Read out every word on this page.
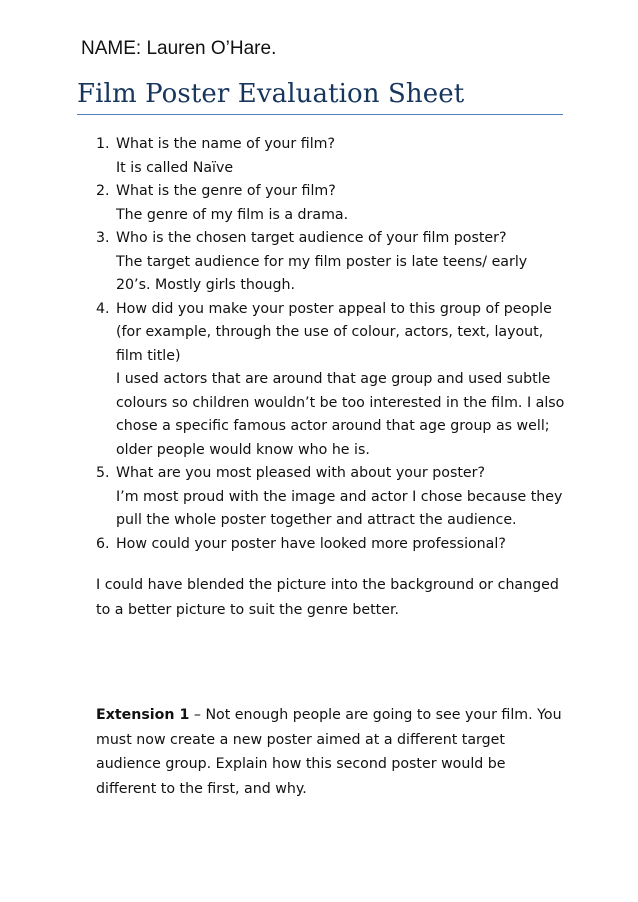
NAME: Lauren O’Hare.
Film Poster Evaluation Sheet
1. What is the name of your film?
It is called Naïve
2. What is the genre of your film?
The genre of my film is a drama.
3. Who is the chosen target audience of your film poster?
The target audience for my film poster is late teens/ early
20’s. Mostly girls though.
4. How did you make your poster appeal to this group of people
(for example, through the use of colour, actors, text, layout,
film title)
I used actors that are around that age group and used subtle
colours so children wouldn’t be too interested in the film. I also
chose a specific famous actor around that age group as well;
older people would know who he is.
5. What are you most pleased with about your poster?
I’m most proud with the image and actor I chose because they
pull the whole poster together and attract the audience.
6. How could your poster have looked more professional?
I could have blended the picture into the background or changed
to a better picture to suit the genre better.
Extension 1 – Not enough people are going to see your film. You
must now create a new poster aimed at a different target
audience group. Explain how this second poster would be
different to the first, and why.
